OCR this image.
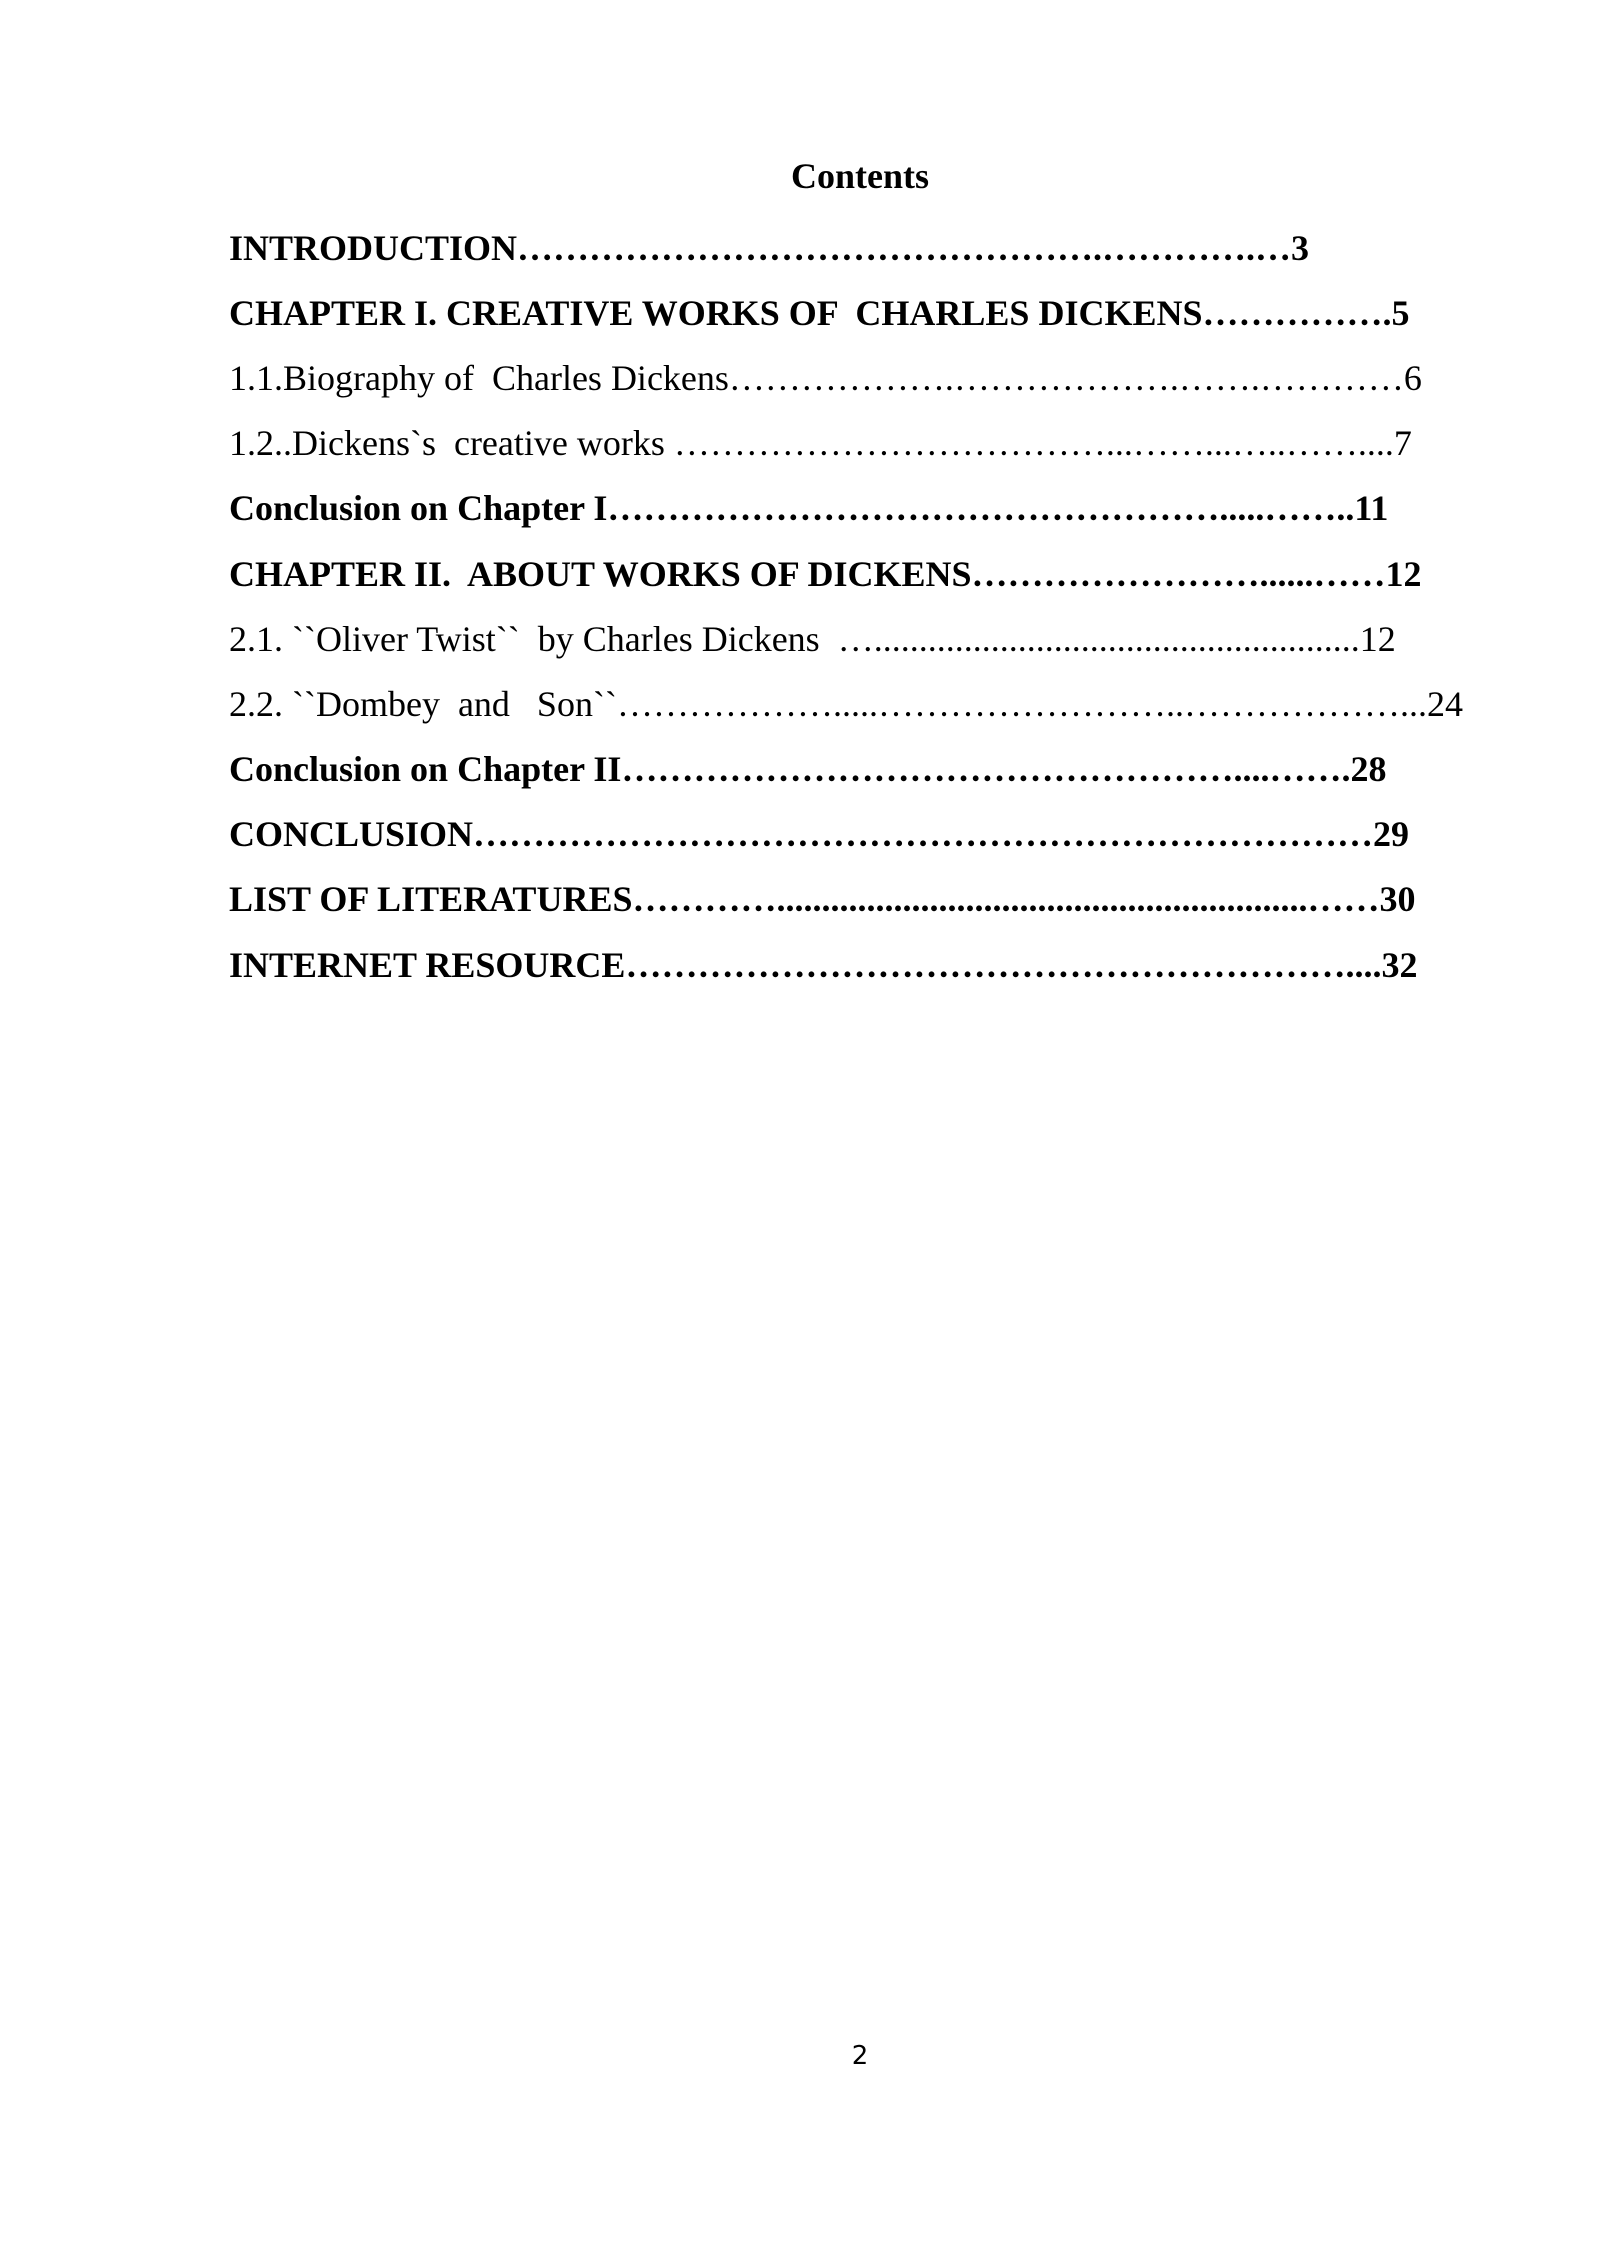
Contents
INTRODUCTION ………………………………………….………….… 3
CHAPTER I. CREATIVE WORKS OF  CHARLES DICKENS ……………. 5
1.1.Biography of  Charles Dickens ……………….……………….…….………… 6
1.2..Dickens`s  creative works ………………………………...……...…..…….... 7
Conclusion on Chapter I …………………………………………….....…….. 11
CHAPTER II.  ABOUT WORKS OF DICKENS ……………………......…… 12
2.1. ``Oliver Twist``  by Charles Dickens …...................................................... 12
2.2. ``Dombey  and   Son`` ……………….....……………………..………………... 24
Conclusion on Chapter II ……………………………………………....……. 28
CONCLUSION ………………………………………………………………… 29
LIST OF LITERATURES …………...........................................................…… 30
INTERNET RESOURCE …………………………………………………….... 32
2
